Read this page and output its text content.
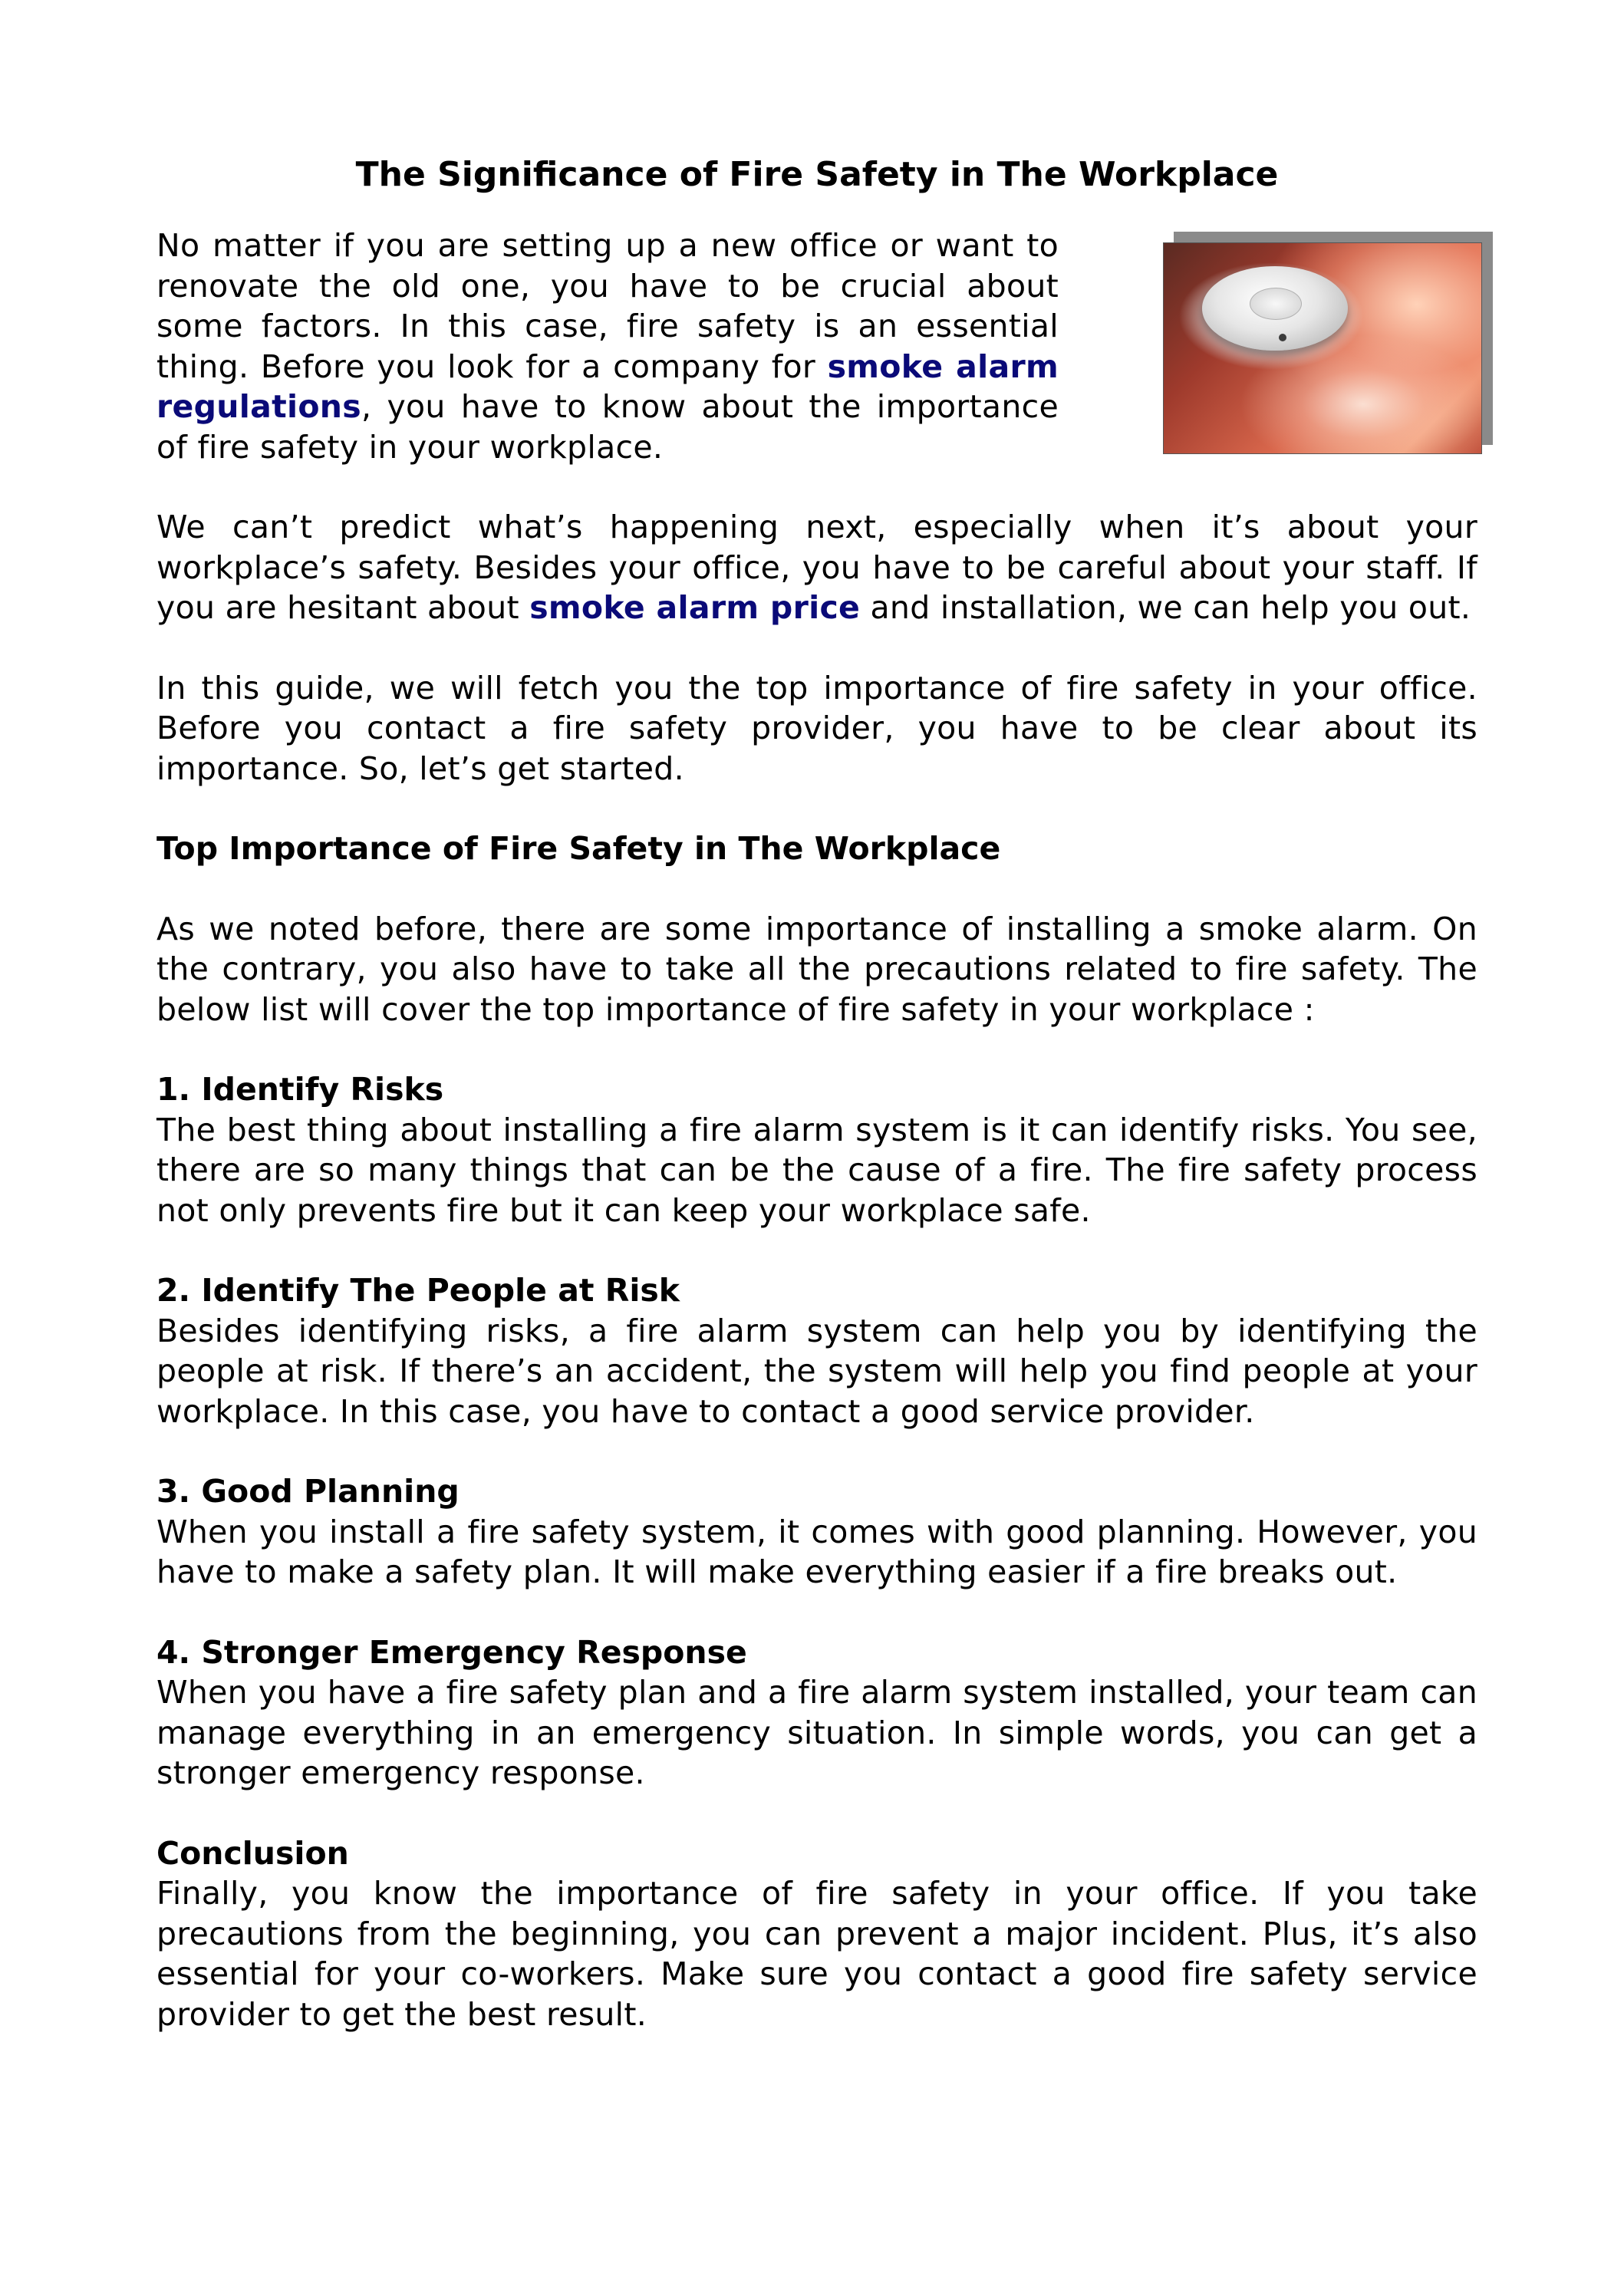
The Significance of Fire Safety in The Workplace

No matter if you are setting up a new office or want to renovate the old one, you have to be crucial about some factors. In this case, fire safety is an essential thing. Before you look for a company for smoke alarm regulations, you have to know about the importance of fire safety in your workplace.

We can’t predict what’s happening next, especially when it’s about your workplace’s safety. Besides your office, you have to be careful about your staff. If you are hesitant about smoke alarm price and installation, we can help you out.

In this guide, we will fetch you the top importance of fire safety in your office. Before you contact a fire safety provider, you have to be clear about its importance. So, let’s get started.

Top Importance of Fire Safety in The Workplace

As we noted before, there are some importance of installing a smoke alarm. On the contrary, you also have to take all the precautions related to fire safety. The below list will cover the top importance of fire safety in your workplace :

1. Identify Risks

The best thing about installing a fire alarm system is it can identify risks. You see, there are so many things that can be the cause of a fire. The fire safety process not only prevents fire but it can keep your workplace safe.

2. Identify The People at Risk

Besides identifying risks, a fire alarm system can help you by identifying the people at risk. If there’s an accident, the system will help you find people at your workplace. In this case, you have to contact a good service provider.

3. Good Planning

When you install a fire safety system, it comes with good planning. However, you have to make a safety plan. It will make everything easier if a fire breaks out.

4. Stronger Emergency Response

When you have a fire safety plan and a fire alarm system installed, your team can manage everything in an emergency situation. In simple words, you can get a stronger emergency response.

Conclusion

Finally, you know the importance of fire safety in your office. If you take precautions from the beginning, you can prevent a major incident. Plus, it’s also essential for your co-workers. Make sure you contact a good fire safety service provider to get the best result.
